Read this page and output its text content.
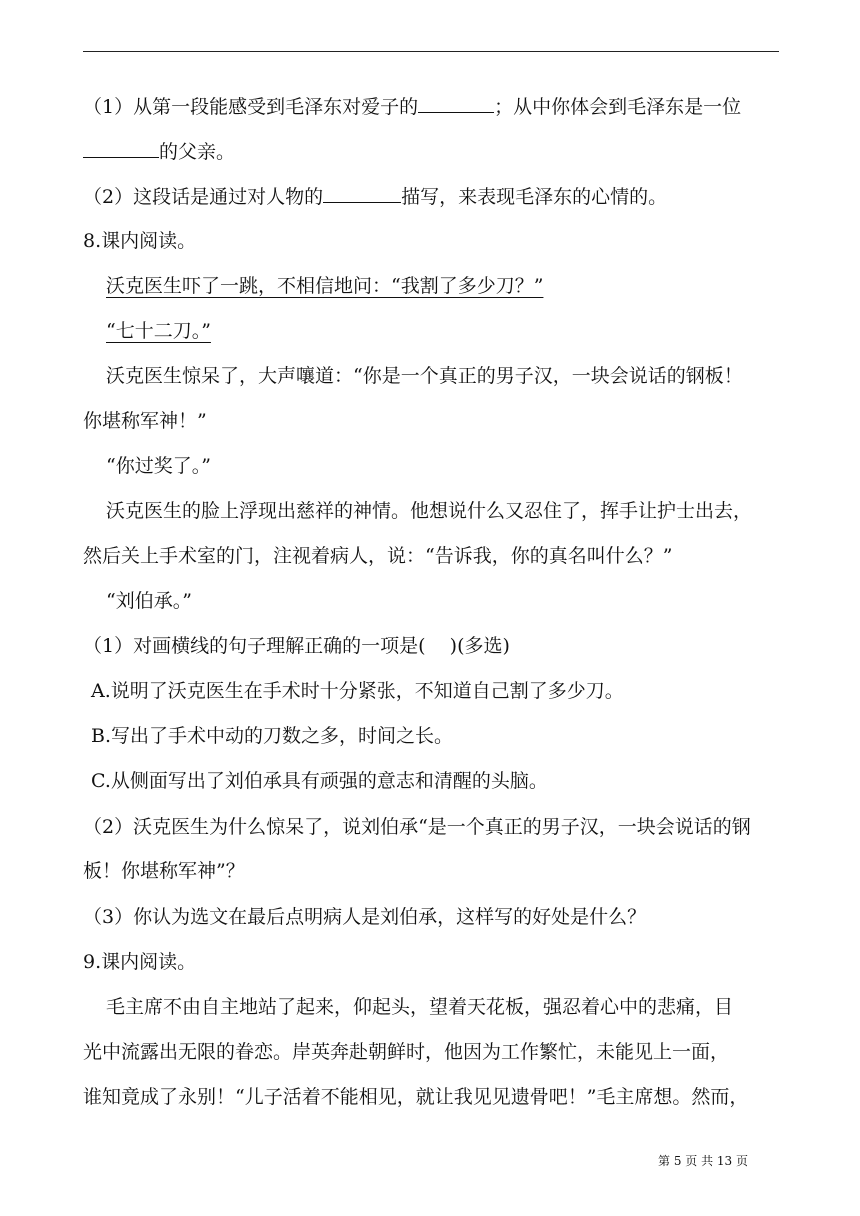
（1）从第一段能感受到毛泽东对爱子的	；从中你体会到毛泽东是一位
的父亲。
（2）这段话是通过对人物的	描写，来表现毛泽东的心情的。
8.课内阅读。
沃克医生吓了一跳，不相信地问：“我割了多少刀？”
“七十二刀。”
沃克医生惊呆了，大声嚷道：“你是一个真正的男子汉，一块会说话的钢板！
你堪称军神！”
“你过奖了。”
沃克医生的脸上浮现出慈祥的神情。他想说什么又忍住了，挥手让护士出去，
然后关上手术室的门，注视着病人，说：“告诉我，你的真名叫什么？”
“刘伯承。”
（1）对画横线的句子理解正确的一项是(    )(多选)
A.说明了沃克医生在手术时十分紧张，不知道自己割了多少刀。
B.写出了手术中动的刀数之多，时间之长。
C.从侧面写出了刘伯承具有顽强的意志和清醒的头脑。
（2）沃克医生为什么惊呆了，说刘伯承“是一个真正的男子汉，一块会说话的钢
板！你堪称军神”？
（3）你认为选文在最后点明病人是刘伯承，这样写的好处是什么？
9.课内阅读。
毛主席不由自主地站了起来，仰起头，望着天花板，强忍着心中的悲痛，目
光中流露出无限的眷恋。岸英奔赴朝鲜时，他因为工作繁忙，未能见上一面，
谁知竟成了永别！“儿子活着不能相见，就让我见见遗骨吧！”毛主席想。然而，
第 5 页 共 13 页
